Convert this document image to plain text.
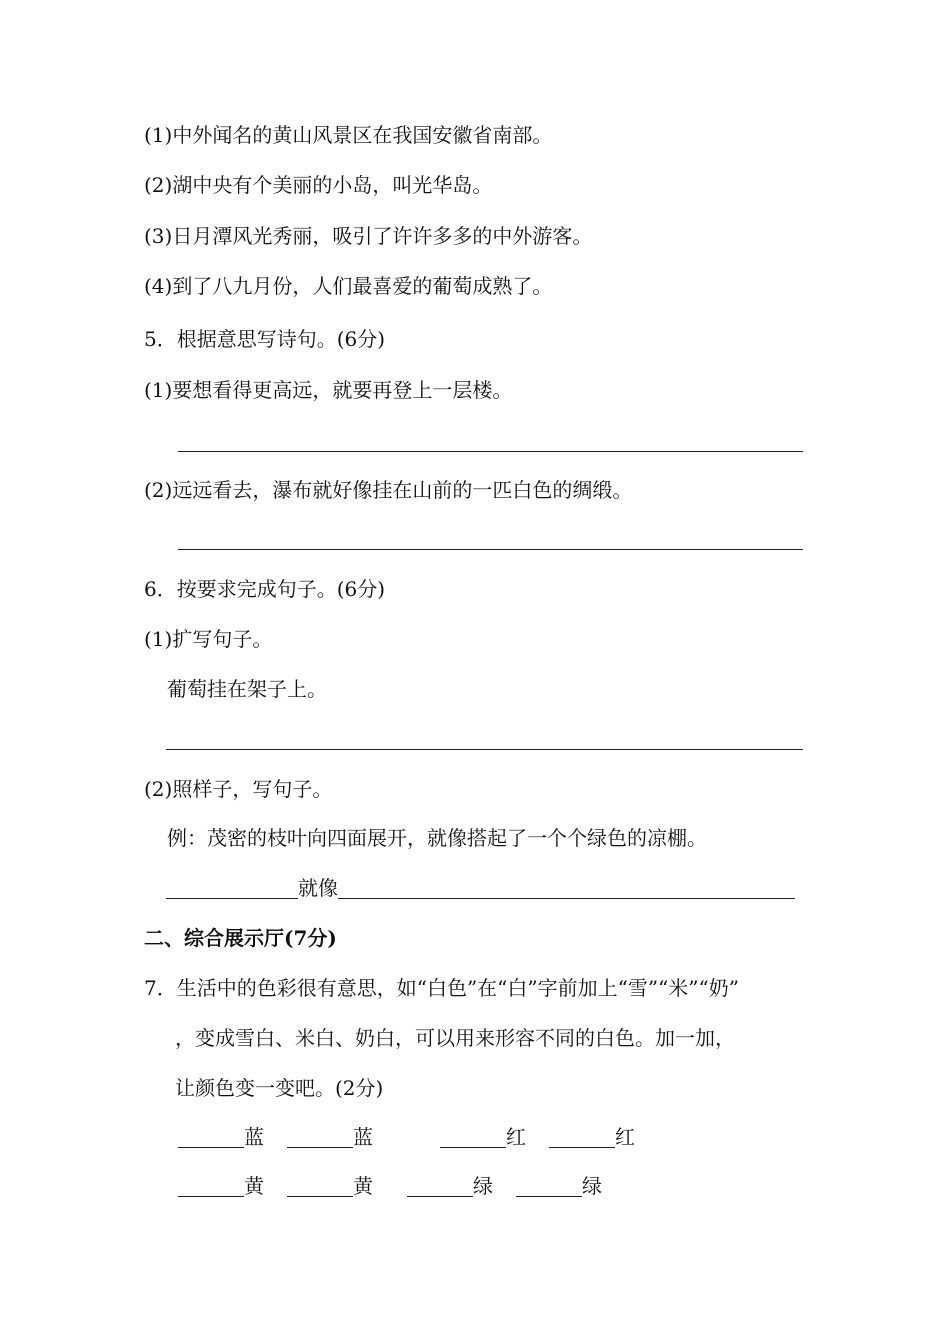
(1)中外闻名的黄山风景区在我国安徽省南部。
(2)湖中央有个美丽的小岛，叫光华岛。
(3)日月潭风光秀丽，吸引了许许多多的中外游客。
(4)到了八九月份，人们最喜爱的葡萄成熟了。
5．根据意思写诗句。(6分)
(1)要想看得更高远，就要再登上一层楼。
(2)远远看去，瀑布就好像挂在山前的一匹白色的绸缎。
6．按要求完成句子。(6分)
(1)扩写句子。
葡萄挂在架子上。
(2)照样子，写句子。
例：茂密的枝叶向四面展开，就像搭起了一个个绿色的凉棚。
就像
二、综合展示厅(7分)
7．生活中的色彩很有意思，如“白色”在“白”字前加上“雪”“米”“奶”
，变成雪白、米白、奶白，可以用来形容不同的白色。加一加，
让颜色变一变吧。(2分)
蓝	蓝	红	红
黄	黄	绿	绿
